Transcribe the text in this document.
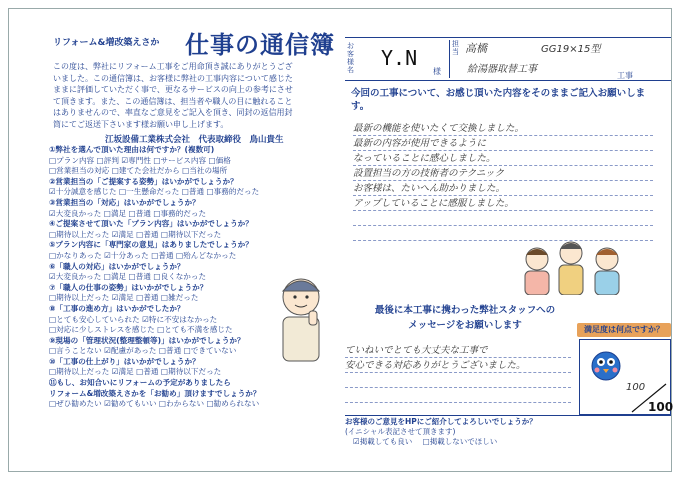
リフォーム&増改築えさか 仕事の通信簿
この度は、弊社にリフォーム工事をご用命頂き誠にありがとうござ
いました。この通信簿は、お客様に弊社の工事内容について感じた
ままに評価していただく事で、更なるサービスの向上の参考にさせ
て頂きます。また、この通信簿は、担当者や職人の目に触れること
はありませんので、率直なご意見をご記入を頂き、同封の返信用封
筒にてご返送下さいます様お願い申し上げます。
江坂設備工業株式会社　代表取締役　鳥山貴生
①弊社を選んで頂いた理由は何ですか？(複数可)
□プラン内容 □評判 ☑専門性 □サービス内容 □価格
□営業担当の対応 □建てた会社だから □当社の場所
②営業担当の「ご提案する姿勢」はいかがでしょうか？
☑十分誠意を感じた □一生懸命だった □普通 □事務的だった
③営業担当の「対応」はいかがでしょうか？
☑大変良かった □満足 □普通 □事務的だった
④ご提案させて頂いた「プラン内容」はいかがでしょうか？
□期待以上だった ☑満足 □普通 □期待以下だった
⑤プラン内容に「専門家の意見」はありましたでしょうか？
□かなりあった ☑十分あった □普通 □殆んどなかった
⑥「職人の対応」はいかがでしょうか？
☑大変良かった □満足 □普通 □良くなかった
⑦「職人の仕事の姿勢」はいかがでしょうか？
□期待以上だった ☑満足 □普通 □雑だった
⑧「工事の進め方」はいかがでしたか？
□とても安心していられた ☑特に不安はなかった
□対応に少しストレスを感じた □とても不満を感じた
⑨現場の「管理状況(整理整頓等)」はいかがでしょうか？
□言うことない ☑配慮があった □普通 □できていない
⑩「工事の仕上がり」はいかがでしょうか？
□期待以上だった ☑満足 □普通 □期待以下だった
⑪もし、お知合いにリフォームの予定がありましたら
リフォーム&増改築えさかを「お勧め」頂けますでしょうか？
□ぜひ勧めたい ☑勧めてもいい □わからない □勧められない
お客様名 Y.N
様
担当 高橋	GG19×15型
給湯器取替工事
工事
今回の工事について、お感じ頂いた内容をそのままご記入お願いします。
最新の機能を使いたくて交換しました。
最新の内容が使用できるように
なっていることに感心しました。
設置担当の方の技術者のテクニック
お客様は、たいへん助かりました。
アップしていることに感服しました。
最後に本工事に携わった弊社スタッフへの
メッセージをお願いします
ていねいでとても大丈夫な工事で
安心できる対応ありがとうございました。
満足度は何点ですか？
100
100
お客様のご意見をHPにご紹介してよろしいでしょうか？
(イニシャル表記させて頂きます)
☑掲載しても良い □掲載しないでほしい
